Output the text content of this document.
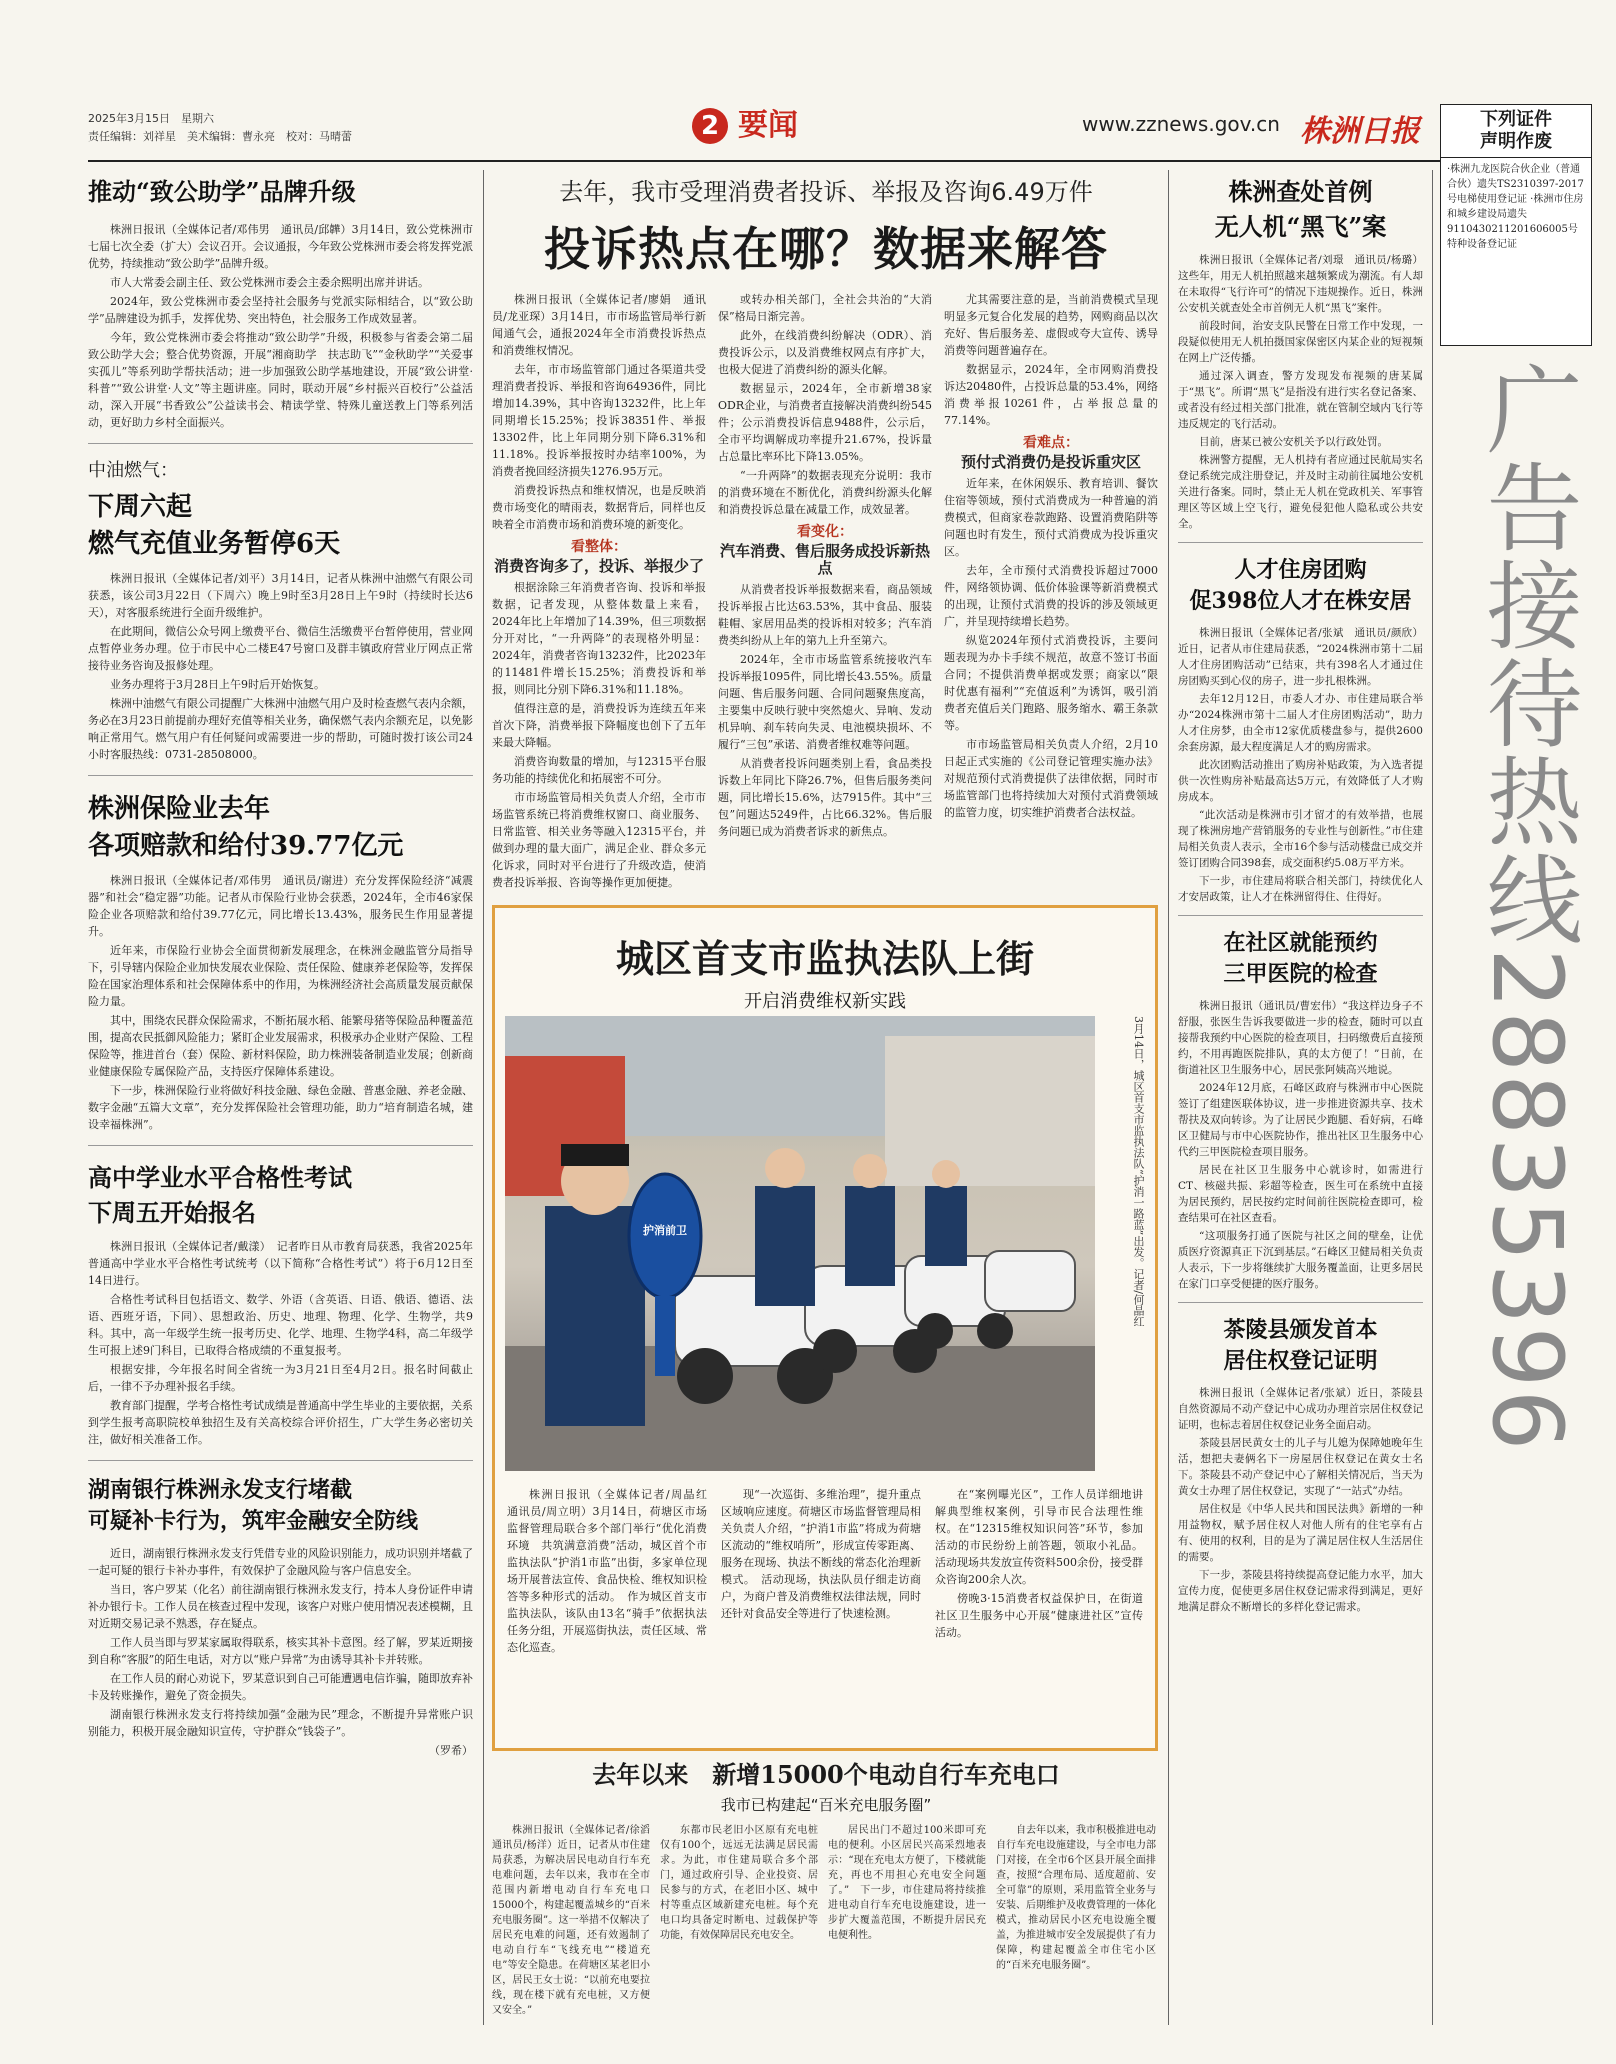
2025年3月15日　星期六
责任编辑：刘祥星　美术编辑：曹永亮　校对：马晴蕾	2 要闻	www.zznews.gov.cn 株洲日报	下列证件
声明作废
·株洲九龙医院合伙企业（普通合伙）遗失TS2310397-2017号电梯使用登记证 ·株洲市住房和城乡建设局遗失9110430211201606005号特种设备登记证
广告接待热线28835396
推动“致公助学”品牌升级

株洲日报讯（全媒体记者/邓伟男　通讯员/邱韡）3月14日，致公党株洲市七届七次全委（扩大）会议召开。会议通报，今年致公党株洲市委会将发挥党派优势，持续推动“致公助学”品牌升级。

市人大常委会副主任、致公党株洲市委会主委余熙明出席并讲话。

2024年，致公党株洲市委会坚持社会服务与党派实际相结合，以“致公助学”品牌建设为抓手，发挥优势、突出特色，社会服务工作成效显著。

今年，致公党株洲市委会将推动“致公助学”升级，积极参与省委会第二届致公助学大会；整合优势资源，开展“湘商助学　扶志助飞”“金秋助学”“关爱事实孤儿”等系列助学帮扶活动；进一步加强致公助学基地建设，开展“致公讲堂·科普”“致公讲堂·人文”等主题讲座。同时，联动开展“乡村振兴百校行”公益活动，深入开展“书香致公”公益读书会、精读学堂、特殊儿童送教上门等系列活动，更好助力乡村全面振兴。

中油燃气：
下周六起
燃气充值业务暂停6天

株洲日报讯（全媒体记者/刘平）3月14日，记者从株洲中油燃气有限公司获悉，该公司3月22日（下周六）晚上9时至3月28日上午9时（持续时长达6天），对客服系统进行全面升级维护。

在此期间，微信公众号网上缴费平台、微信生活缴费平台暂停使用，营业网点暂停业务办理。位于市民中心二楼E47号窗口及群丰镇政府营业厅网点正常接待业务咨询及报修处理。

业务办理将于3月28日上午9时后开始恢复。

株洲中油燃气有限公司提醒广大株洲中油燃气用户及时检查燃气表内余额，务必在3月23日前提前办理好充值等相关业务，确保燃气表内余额充足，以免影响正常用气。燃气用户有任何疑问或需要进一步的帮助，可随时拨打该公司24小时客服热线：0731-28508000。

株洲保险业去年
各项赔款和给付39.77亿元

株洲日报讯（全媒体记者/邓伟男　通讯员/谢进）充分发挥保险经济“减震器”和社会“稳定器”功能。记者从市保险行业协会获悉，2024年，全市46家保险企业各项赔款和给付39.77亿元，同比增长13.43%，服务民生作用显著提升。

近年来，市保险行业协会全面贯彻新发展理念，在株洲金融监管分局指导下，引导辖内保险企业加快发展农业保险、责任保险、健康养老保险等，发挥保险在国家治理体系和社会保障体系中的作用，为株洲经济社会高质量发展贡献保险力量。

其中，围绕农民群众保险需求，不断拓展水稻、能繁母猪等保险品种覆盖范围，提高农民抵御风险能力；紧盯企业发展需求，积极承办企业财产保险、工程保险等，推进首台（套）保险、新材料保险，助力株洲装备制造业发展；创新商业健康保险专属保险产品，支持医疗保障体系建设。

下一步，株洲保险行业将做好科技金融、绿色金融、普惠金融、养老金融、数字金融“五篇大文章”，充分发挥保险社会管理功能，助力“培育制造名城，建设幸福株洲”。

高中学业水平合格性考试
下周五开始报名

株洲日报讯（全媒体记者/戴漾）　记者昨日从市教育局获悉，我省2025年普通高中学业水平合格性考试统考（以下简称“合格性考试”）将于6月12日至14日进行。

合格性考试科目包括语文、数学、外语（含英语、日语、俄语、德语、法语、西班牙语，下同）、思想政治、历史、地理、物理、化学、生物学，共9科。其中，高一年级学生统一报考历史、化学、地理、生物学4科，高二年级学生可报上述9门科目，已取得合格成绩的不重复报考。

根据安排，今年报名时间全省统一为3月21日至4月2日。报名时间截止后，一律不予办理补报名手续。

教育部门提醒，学考合格性考试成绩是普通高中学生毕业的主要依据，关系到学生报考高职院校单独招生及有关高校综合评价招生，广大学生务必密切关注，做好相关准备工作。

湖南银行株洲永发支行堵截
可疑补卡行为，筑牢金融安全防线

近日，湖南银行株洲永发支行凭借专业的风险识别能力，成功识别并堵截了一起可疑的银行卡补办事件，有效保护了金融风险与客户信息安全。

当日，客户罗某（化名）前往湖南银行株洲永发支行，持本人身份证件申请补办银行卡。工作人员在核查过程中发现，该客户对账户使用情况表述模糊，且对近期交易记录不熟悉，存在疑点。

工作人员当即与罗某家属取得联系，核实其补卡意图。经了解，罗某近期接到自称“客服”的陌生电话，对方以“账户异常”为由诱导其补卡并转账。

在工作人员的耐心劝说下，罗某意识到自己可能遭遇电信诈骗，随即放弃补卡及转账操作，避免了资金损失。

湖南银行株洲永发支行将持续加强“金融为民”理念，不断提升异常账户识别能力，积极开展金融知识宣传，守护群众“钱袋子”。

（罗希）
去年，我市受理消费者投诉、举报及咨询6.49万件
投诉热点在哪？数据来解答

株洲日报讯（全媒体记者/廖娟　通讯员/龙亚琛）3月14日，市市场监管局举行新闻通气会，通报2024年全市消费投诉热点和消费维权情况。

去年，市市场监管部门通过各渠道共受理消费者投诉、举报和咨询64936件，同比增加14.39%，其中咨询13232件，比上年同期增长15.25%；投诉38351件、举报13302件，比上年同期分别下降6.31%和11.18%。投诉举报按时办结率100%，为消费者挽回经济损失1276.95万元。

消费投诉热点和维权情况，也是反映消费市场变化的晴雨表，数据背后，同样也反映着全市消费市场和消费环境的新变化。

看整体：
消费咨询多了，投诉、举报少了

根据涂除三年消费者咨询、投诉和举报数据，记者发现，从整体数量上来看，2024年比上年增加了14.39%，但三项数据分开对比，“一升两降”的表现格外明显：2024年，消费者咨询13232件，比2023年的11481件增长15.25%；消费投诉和举报，则同比分别下降6.31%和11.18%。

值得注意的是，消费投诉为连续五年来首次下降，消费举报下降幅度也创下了五年来最大降幅。

消费咨询数量的增加，与12315平台服务功能的持续优化和拓展密不可分。

市市场监管局相关负责人介绍，全市市场监管系统已将消费维权窗口、商业服务、日常监管、相关业务等融入12315平台，并做到办理的量大面广，满足企业、群众多元化诉求，同时对平台进行了升级改造，使消费者投诉举报、咨询等操作更加便捷。

或转办相关部门，全社会共治的“大消保”格局日渐完善。

此外，在线消费纠纷解决（ODR）、消费投诉公示，以及消费维权网点有序扩大，也极大促进了消费纠纷的源头化解。

数据显示，2024年，全市新增38家ODR企业，与消费者直接解决消费纠纷545件；公示消费投诉信息9488件，公示后，全市平均调解成功率提升21.67%，投诉量占总量比率环比下降13.05%。

“一升两降”的数据表现充分说明：我市的消费环境在不断优化，消费纠纷源头化解和消费投诉总量在减量工作，成效显著。

看变化：
汽车消费、售后服务成投诉新热点

从消费者投诉举报数据来看，商品领域投诉举报占比达63.53%，其中食品、服装鞋帽、家居用品类的投诉相对较多；汽车消费类纠纷从上年的第九上升至第六。

2024年，全市市场监管系统接收汽车投诉举报1095件，同比增长43.55%。质量问题、售后服务问题、合同问题聚焦度高，主要集中反映行驶中突然熄火、异响、发动机异响、刹车转向失灵、电池模块损坏、不履行“三包”承诺、消费者维权难等问题。

从消费者投诉问题类别上看，食品类投诉数上年同比下降26.7%，但售后服务类问题，同比增长15.6%，达7915件。其中“三包”问题达5249件，占比66.32%。售后服务问题已成为消费者诉求的新焦点。

尤其需要注意的是，当前消费模式呈现明显多元复合化发展的趋势，网购商品以次充好、售后服务差、虚假或夸大宣传、诱导消费等问题普遍存在。

数据显示，2024年，全市网购消费投诉达20480件，占投诉总量的53.4%，网络消费举报10261件，占举报总量的77.14%。

看难点：
预付式消费仍是投诉重灾区

近年来，在休闲娱乐、教育培训、餐饮住宿等领域，预付式消费成为一种普遍的消费模式，但商家卷款跑路、设置消费陷阱等问题也时有发生，预付式消费成为投诉重灾区。

去年，全市预付式消费投诉超过7000件，网络领协调、低价体验课等新消费模式的出现，让预付式消费的投诉的涉及领域更广，并呈现持续增长趋势。

纵览2024年预付式消费投诉，主要问题表现为办卡手续不规范，故意不签订书面合同；不提供消费单据或发票；商家以“限时优惠有福利”“充值返利”为诱饵，吸引消费者充值后关门跑路、服务缩水、霸王条款等。

市市场监管局相关负责人介绍，2月10日起正式实施的《公司登记管理实施办法》对规范预付式消费提供了法律依据，同时市场监管部门也将持续加大对预付式消费领域的监管力度，切实维护消费者合法权益。

城区首支市监执法队上街
开启消费维权新实践
护消前卫	3月14日，城区首支市监执法队“护消一路蓝”出发。记者/何晶红

株洲日报讯（全媒体记者/周晶红　通讯员/周立明）3月14日，荷塘区市场监督管理局联合多个部门举行“优化消费环境　共筑满意消费”活动，城区首个市监执法队“护消1市监”出街，多家单位现场开展普法宣传、食品快检、维权知识检答等多种形式的活动。　作为城区首支市监执法队，该队由13名“骑手”依据执法任务分组，开展巡街执法，责任区域、常态化巡查。

现“一次巡街、多维治理”，提升重点区域响应速度。荷塘区市场监督管理局相关负责人介绍，“护消1市监”将成为荷塘区流动的“维权哨所”，形成宣传零距离、服务在现场、执法不断线的常态化治理新模式。　活动现场，执法队员仔细走访商户，为商户普及消费维权法律法规，同时还针对食品安全等进行了快速检测。

在“案例曝光区”，工作人员详细地讲解典型维权案例，引导市民合法理性维权。在“12315维权知识问答”环节，参加活动的市民纷纷上前答题，领取小礼品。活动现场共发放宣传资料500余份，接受群众咨询200余人次。

傍晚3·15消费者权益保护日，在街道社区卫生服务中心开展“健康进社区”宣传活动。

去年以来　新增15000个电动自行车充电口
我市已构建起“百米充电服务圈”

株洲日报讯（全媒体记者/徐滔　通讯员/杨洋）近日，记者从市住建局获悉，为解决居民电动自行车充电难问题，去年以来，我市在全市范围内新增电动自行车充电口15000个，构建起覆盖城乡的“百米充电服务圈”。这一举措不仅解决了居民充电难的问题，还有效遏制了电动自行车“飞线充电”“楼道充电”等安全隐患。在荷塘区某老旧小区，居民王女士说：“以前充电要拉线，现在楼下就有充电桩，又方便又安全。”

东都市民老旧小区原有充电桩仅有100个，远远无法满足居民需求。为此，市住建局联合多个部门，通过政府引导、企业投资、居民参与的方式，在老旧小区、城中村等重点区域新建充电桩。每个充电口均具备定时断电、过载保护等功能，有效保障居民充电安全。

居民出门不超过100米即可充电的便利。小区居民兴高采烈地表示：“现在充电太方便了，下楼就能充，再也不用担心充电安全问题了。”　下一步，市住建局将持续推进电动自行车充电设施建设，进一步扩大覆盖范围，不断提升居民充电便利性。

自去年以来，我市积极推进电动自行车充电设施建设，与全市电力部门对接，在全市6个区县开展全面排查，按照“合理布局、适度超前、安全可靠”的原则，采用监管全业务与安装、后期维护及收费管理的一体化模式，推动居民小区充电设施全覆盖，为推进城市安全发展提供了有力保障，构建起覆盖全市住宅小区的“百米充电服务圈”。

株洲查处首例
无人机“黑飞”案

株洲日报讯（全媒体记者/刘璟　通讯员/杨璐）这些年，用无人机拍照越来越频繁成为潮流。有人却在未取得“飞行许可”的情况下违规操作。近日，株洲公安机关就查处全市首例无人机“黑飞”案件。

前段时间，治安支队民警在日常工作中发现，一段疑似使用无人机拍摄国家保密区内某企业的短视频在网上广泛传播。

通过深入调查，警方发现发布视频的唐某属于“黑飞”。所谓“黑飞”是指没有进行实名登记备案、或者没有经过相关部门批准，就在管制空域内飞行等违反规定的飞行活动。

目前，唐某已被公安机关予以行政处罚。

株洲警方提醒，无人机持有者应通过民航局实名登记系统完成注册登记，并及时主动前往属地公安机关进行备案。同时，禁止无人机在党政机关、军事管理区等区域上空飞行，避免侵犯他人隐私或公共安全。

人才住房团购
促398位人才在株安居

株洲日报讯（全媒体记者/张斌　通讯员/颜欣）近日，记者从市住建局获悉，“2024株洲市第十二届人才住房团购活动”已结束，共有398名人才通过住房团购买到心仪的房子，进一步扎根株洲。

去年12月12日，市委人才办、市住建局联合举办“2024株洲市第十二届人才住房团购活动”，助力人才住房梦，由全市12家优质楼盘参与，提供2600余套房源，最大程度满足人才的购房需求。

此次团购活动推出了购房补贴政策，为入选者提供一次性购房补贴最高达5万元，有效降低了人才购房成本。

“此次活动是株洲市引才留才的有效举措，也展现了株洲房地产营销服务的专业性与创新性。”市住建局相关负责人表示，全市16个参与活动楼盘已成交并签订团购合同398套，成交面积约5.08万平方米。

下一步，市住建局将联合相关部门，持续优化人才安居政策，让人才在株洲留得住、住得好。

在社区就能预约
三甲医院的检查

株洲日报讯（通讯员/曹宏伟）“我这样边身子不舒服，张医生告诉我要做进一步的检查，随时可以直接帮我预约中心医院的检查项目，扫码缴费后直接预约，不用再跑医院排队，真的太方便了！”日前，在街道社区卫生服务中心，居民张阿姨高兴地说。

2024年12月底，石峰区政府与株洲市中心医院签订了组建医联体协议，进一步推进资源共享、技术帮扶及双向转诊。为了让居民少跑腿、看好病，石峰区卫健局与市中心医院协作，推出社区卫生服务中心代约三甲医院检查项目服务。

居民在社区卫生服务中心就诊时，如需进行CT、核磁共振、彩超等检查，医生可在系统中直接为居民预约，居民按约定时间前往医院检查即可，检查结果可在社区查看。

“这项服务打通了医院与社区之间的壁垒，让优质医疗资源真正下沉到基层。”石峰区卫健局相关负责人表示，下一步将继续扩大服务覆盖面，让更多居民在家门口享受便捷的医疗服务。

茶陵县颁发首本
居住权登记证明

株洲日报讯（全媒体记者/张斌）近日，茶陵县自然资源局不动产登记中心成功办理首宗居住权登记证明，也标志着居住权登记业务全面启动。

茶陵县居民黄女士的儿子与儿媳为保障她晚年生活，想把夫妻俩名下一房屋居住权登记在黄女士名下。茶陵县不动产登记中心了解相关情况后，当天为黄女士办理了居住权登记，实现了“一站式”办结。

居住权是《中华人民共和国民法典》新增的一种用益物权，赋予居住权人对他人所有的住宅享有占有、使用的权利，目的是为了满足居住权人生活居住的需要。

下一步，茶陵县将持续提高登记能力水平，加大宣传力度，促使更多居住权登记需求得到满足，更好地满足群众不断增长的多样化登记需求。
